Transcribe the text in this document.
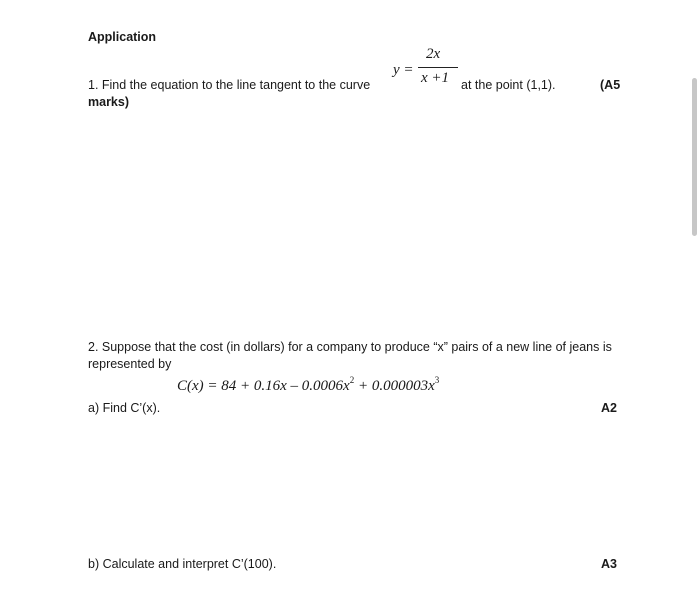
Application
1. Find the equation to the line tangent to the curve
y =
2x
x +1 at the point (1,1).	(A5
marks)
2. Suppose that the cost (in dollars) for a company to produce “x” pairs of a new line of jeans is
represented by
$C(x) = 84 + 0.16x - 0.0006x^2 + 0.000003x^3$
a) Find C’(x).	A2
b) Calculate and interpret C’(100).	A3
